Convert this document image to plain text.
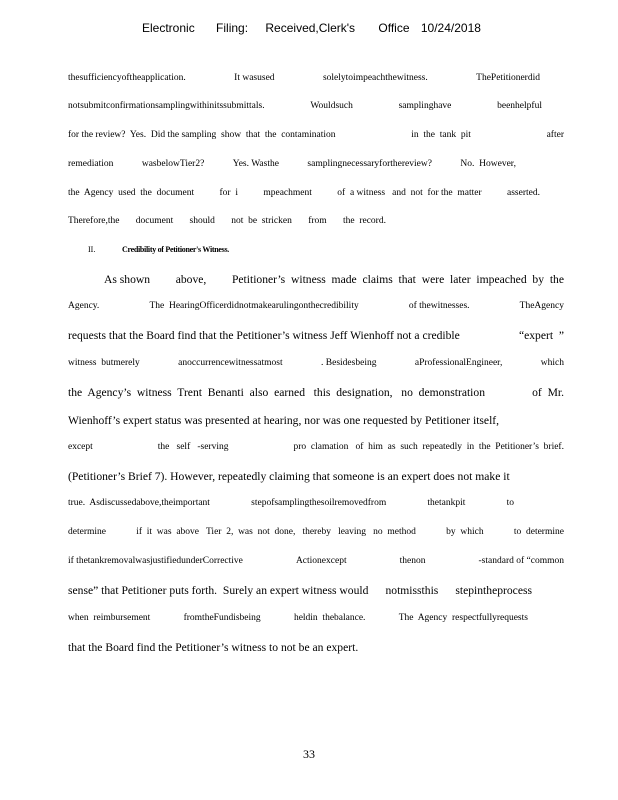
Electronic Filing: Received,Clerk's Office 10/24/2018
thesufficiencyoftheapplication.	It wasused	solelytoimpeachthewitness.	ThePetitionerdid
notsubmitconfirmationsamplingwithinitssubmittals.	Wouldsuch	samplinghave	beenhelpful
for the review?  Yes.  Did the sampling  show  that  the  contamination	in  the  tank  pit	after
remediation	wasbelowTier2?	Yes. Wasthe	samplingnecessaryforthereview?	No.  However,
the  Agency  used  the  document	for  i	mpeachment	of  a witness   and  not  for the  matter	asserted.
Therefore,the document should not  be  stricken from the  record.
II.	Credibility of Petitioner's Witness.
As shown above, Petitioner’s  witness  made  claims  that  were  later  impeached  by  the
Agency.	The  HearingOfficerdidnotmakearulingonthecredibility	of thewitnesses.	TheAgency
requests that the Board find that the Petitioner’s witness Jeff Wienhoff not a credible	“expert  ”
witness  butmerely	anoccurrencewitnessatmost	. Besidesbeing	aProfessionalEngineer,	which
the  Agency’s  witness  Trent  Benanti  also  earned   this  designation,   no  demonstration	of  Mr.
Wienhoff’s expert status was presented at hearing, nor was one requested by Petitioner itself,
except	the   self   -serving	pro  clamation   of  him  as  such  repeatedly  in  the  Petitioner’s  brief.
(Petitioner’s Brief 7). However, repeatedly claiming that someone is an expert does not make it
true.  Asdiscussedabove,theimportant	stepofsamplingthesoilremovedfrom	thetankpit	to
determine	if  it  was  above   Tier  2,  was  not  done,   thereby   leaving   no  method	by  which	to  determine
if thetankremovalwasjustifiedunderCorrective	Actionexcept	thenon	-standard of “common
sense” that Petitioner puts forth.  Surely an expert witness would notmissthis stepintheprocess
when  reimbursement	fromtheFundisbeing	heldin  thebalance.	The  Agency  respectfullyrequests
that the Board find the Petitioner’s witness to not be an expert.
33
